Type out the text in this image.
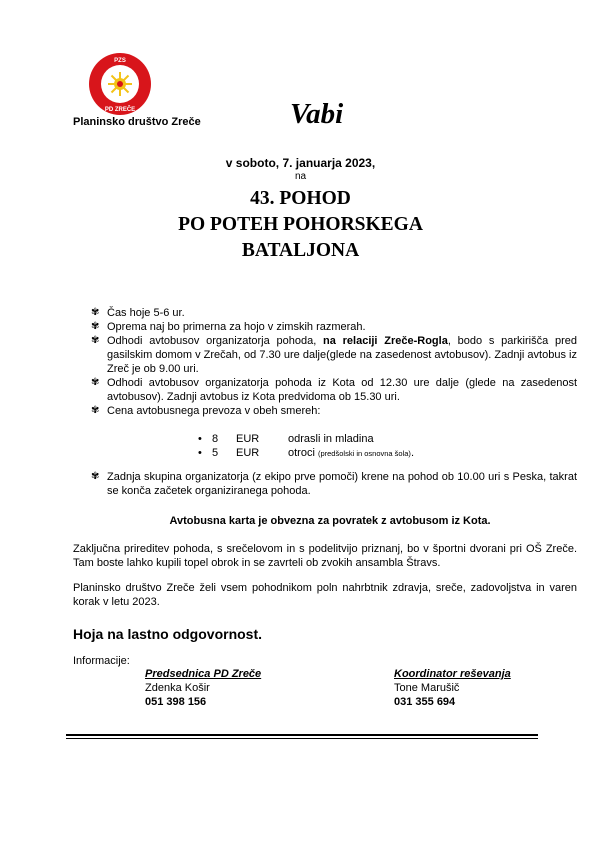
PZS
PD ZREČE
Planinsko društvo Zreče	Vabi
v soboto, 7. januarja 2023,
na
43. POHOD
PO POTEH POHORSKEGA
BATALJONA
✾ Čas hoje 5-6 ur.
✾ Oprema naj bo primerna za hojo v zimskih razmerah.
✾ Odhodi avtobusov organizatorja pohoda, na relaciji Zreče-Rogla, bodo s parkirišča pred gasilskim domom v Zrečah, od 7.30 ure dalje(glede na zasedenost avtobusov). Zadnji avtobus iz Zreč je ob 9.00 uri.
✾ Odhodi avtobusov organizatorja pohoda iz Kota od 12.30 ure dalje (glede na zasedenost avtobusov). Zadnji avtobus iz Kota predvidoma ob 15.30 uri.
✾ Cena avtobusnega prevoza v obeh smereh:
• 8 EUR	odrasli in mladina
• 5 EUR	otroci (predšolski in osnovna šola).
✾ Zadnja skupina organizatorja (z ekipo prve pomoči) krene na pohod ob 10.00 uri s Peska, takrat se konča začetek organiziranega pohoda.
Avtobusna karta je obvezna za povratek z avtobusom iz Kota.
Zaključna prireditev pohoda, s srečelovom in s podelitvijo priznanj, bo v športni dvorani pri OŠ Zreče. Tam boste lahko kupili topel obrok in se zavrteli ob zvokih ansambla Štravs.
Planinsko društvo Zreče želi vsem pohodnikom poln nahrbtnik zdravja, sreče, zadovoljstva in varen korak v letu 2023.
Hoja na lastno odgovornost.
Informacije:
Predsednica PD Zreče
Zdenka Košir
051 398 156
Koordinator reševanja
Tone Marušič
031 355 694
